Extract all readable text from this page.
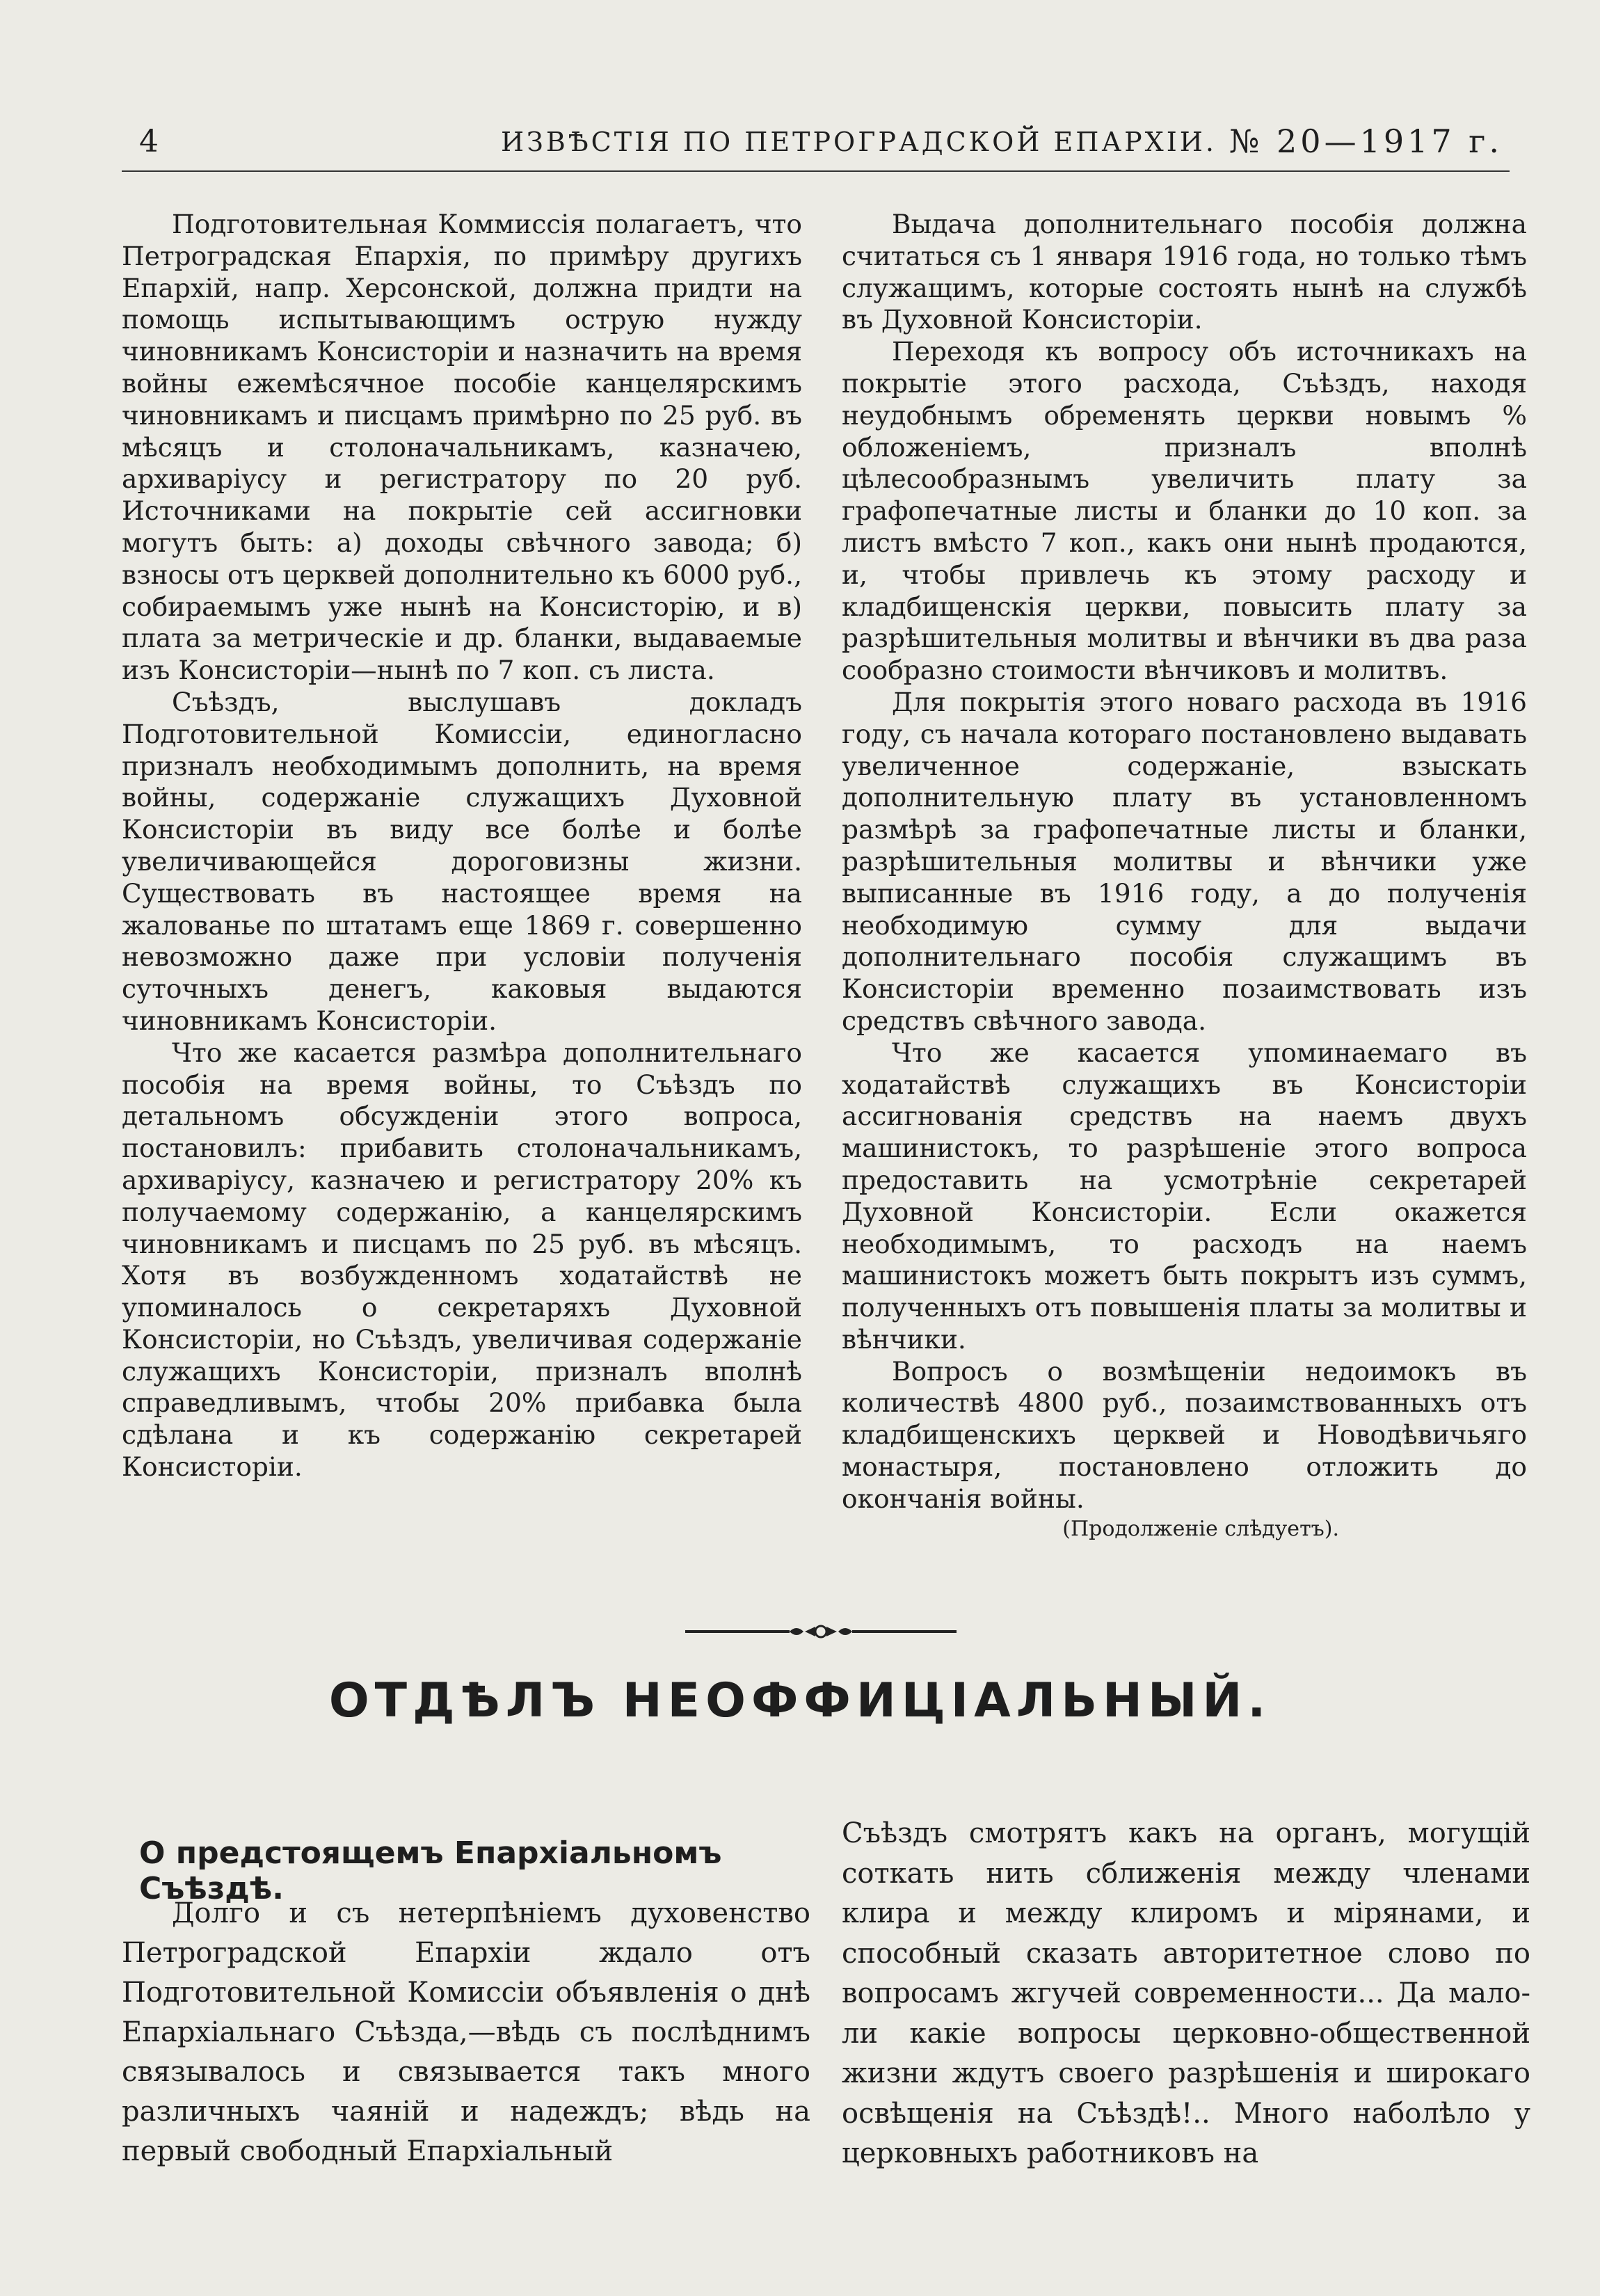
4	ИЗВѢСТІЯ ПО ПЕТРОГРАДСКОЙ ЕПАРХІИ. № 20—1917 г.

Подготовительная Коммиссія полагаетъ, что Петроградская Епархія, по примѣру другихъ Епархій, напр. Херсонской, должна придти на помощь испытывающимъ острую нужду чиновникамъ Консисторіи и назначить на время войны ежемѣсячное пособіе канцелярскимъ чиновникамъ и писцамъ примѣрно по 25 руб. въ мѣсяцъ и столоначальникамъ, казначею, архиваріусу и регистратору по 20 руб. Источниками на покрытіе сей ассигновки могутъ быть: а) доходы свѣчного завода; б) взносы отъ церквей дополнительно къ 6000 руб., собираемымъ уже нынѣ на Консисторію, и в) плата за метрическіе и др. бланки, выдаваемые изъ Консисторіи—нынѣ по 7 коп. съ листа.

Съѣздъ, выслушавъ докладъ Подготовительной Комиссіи, единогласно призналъ необходимымъ дополнить, на время войны, содержаніе служащихъ Духовной Консисторіи въ виду все болѣе и болѣе увеличивающейся дороговизны жизни. Существовать въ настоящее время на жалованье по штатамъ еще 1869 г. совершенно невозможно даже при условіи полученія суточныхъ денегъ, каковыя выдаются чиновникамъ Консисторіи.

Что же касается размѣра дополнительнаго пособія на время войны, то Съѣздъ по детальномъ обсужденіи этого вопроса, постановилъ: прибавить столоначальникамъ, архиваріусу, казначею и регистратору 20% къ получаемому содержанію, а канцелярскимъ чиновникамъ и писцамъ по 25 руб. въ мѣсяцъ. Хотя въ возбужденномъ ходатайствѣ не упоминалось о секретаряхъ Духовной Консисторіи, но Съѣздъ, увеличивая содержаніе служащихъ Консисторіи, призналъ вполнѣ справедливымъ, чтобы 20% прибавка была сдѣлана и къ содержанію секретарей Консисторіи.

Выдача дополнительнаго пособія должна считаться съ 1 января 1916 года, но только тѣмъ служащимъ, которые состоять нынѣ на службѣ въ Духовной Консисторіи.

Переходя къ вопросу объ источникахъ на покрытіе этого расхода, Съѣздъ, находя неудобнымъ обременять церкви новымъ % обложеніемъ, призналъ вполнѣ цѣлесообразнымъ увеличить плату за графопечатные листы и бланки до 10 коп. за листъ вмѣсто 7 коп., какъ они нынѣ продаются, и, чтобы привлечь къ этому расходу и кладбищенскія церкви, повысить плату за разрѣшительныя молитвы и вѣнчики въ два раза сообразно стоимости вѣнчиковъ и молитвъ.

Для покрытія этого новаго расхода въ 1916 году, съ начала котораго постановлено выдавать увеличенное содержаніе, взыскать дополнительную плату въ установленномъ размѣрѣ за графопечатные листы и бланки, разрѣшительныя молитвы и вѣнчики уже выписанные въ 1916 году, а до полученія необходимую сумму для выдачи дополнительнаго пособія служащимъ въ Консисторіи временно позаимствовать изъ средствъ свѣчного завода.

Что же касается упоминаемаго въ ходатайствѣ служащихъ въ Консисторіи ассигнованія средствъ на наемъ двухъ машинистокъ, то разрѣшеніе этого вопроса предоставить на усмотрѣніе секретарей Духовной Консисторіи. Если окажется необходимымъ, то расходъ на наемъ машинистокъ можетъ быть покрытъ изъ суммъ, полученныхъ отъ повышенія платы за молитвы и вѣнчики.

Вопросъ о возмѣщеніи недоимокъ въ количествѣ 4800 руб., позаимствованныхъ отъ кладбищенскихъ церквей и Новодѣвичьяго монастыря, постановлено отложить до окончанія войны.

(Продолженіе слѣдуетъ).
ОТДѢЛЪ НЕОФФИЦІАЛЬНЫЙ.
О предстоящемъ Епархіальномъ Съѣздѣ.

Долго и съ нетерпѣніемъ духовенство Петроградской Епархіи ждало отъ Подготовительной Комиссіи объявленія о днѣ Епархіальнаго Съѣзда,—вѣдь съ послѣднимъ связывалось и связывается такъ много различныхъ чаяній и надеждъ; вѣдь на первый свободный Епархіальный

Съѣздъ смотрятъ какъ на органъ, могущій соткать нить сближенія между членами клира и между клиромъ и мірянами, и способный сказать авторитетное слово по вопросамъ жгучей современности... Да мало-ли какіе вопросы церковно-общественной жизни ждутъ своего разрѣшенія и широкаго освѣщенія на Съѣздѣ!.. Много наболѣло у церковныхъ работниковъ на
